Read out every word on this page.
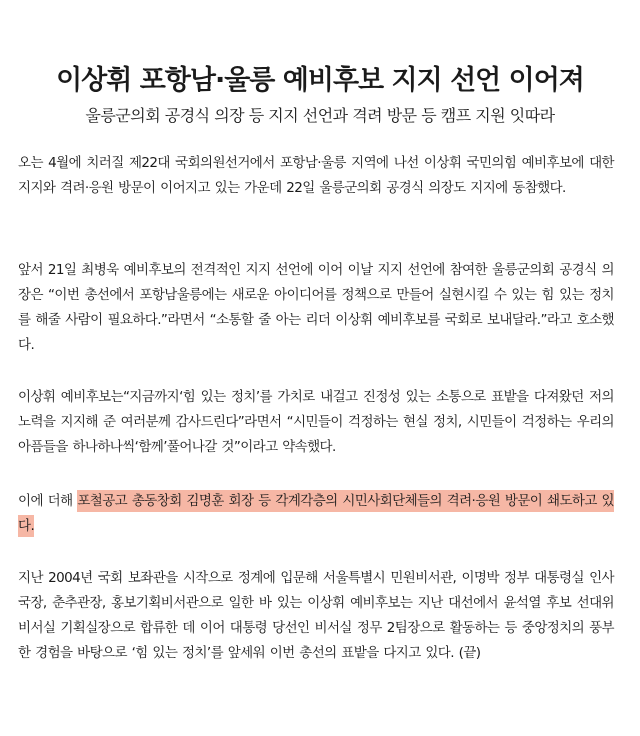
이상휘 포항남·울릉 예비후보 지지 선언 이어져

울릉군의회 공경식 의장 등 지지 선언과 격려 방문 등 캠프 지원 잇따라

오는 4월에 치러질 제22대 국회의원선거에서 포항남·울릉 지역에 나선 이상휘 국민의힘 예비후보에 대한 지지와 격려·응원 방문이 이어지고 있는 가운데 22일 울릉군의회 공경식 의장도 지지에 동참했다.

앞서 21일 최병욱 예비후보의 전격적인 지지 선언에 이어 이날 지지 선언에 참여한 울릉군의회 공경식 의장은 “이번 총선에서 포항남울릉에는 새로운 아이디어를 정책으로 만들어 실현시킬 수 있는 힘 있는 정치를 해줄 사람이 필요하다.”라면서 “소통할 줄 아는 리더 이상휘 예비후보를 국회로 보내달라.”라고 호소했다.

이상휘 예비후보는“지금까지‘힘 있는 정치’를 가치로 내걸고 진정성 있는 소통으로 표밭을 다져왔던 저의 노력을 지지해 준 여러분께 감사드린다”라면서 “시민들이 걱정하는 현실 정치, 시민들이 걱정하는 우리의 아픔들을 하나하나씩‘함께’풀어나갈 것”이라고 약속했다.

이에 더해 포철공고 총동창회 김명훈 회장 등 각계각층의 시민사회단체들의 격려·응원 방문이 쇄도하고 있다.

지난 2004년 국회 보좌관을 시작으로 정계에 입문해 서울특별시 민원비서관, 이명박 정부 대통령실 인사국장, 춘추관장, 홍보기획비서관으로 일한 바 있는 이상휘 예비후보는 지난 대선에서 윤석열 후보 선대위 비서실 기획실장으로 합류한 데 이어 대통령 당선인 비서실 정무 2팀장으로 활동하는 등 중앙정치의 풍부한 경험을 바탕으로 ‘힘 있는 정치’를 앞세워 이번 총선의 표밭을 다지고 있다. (끝)
